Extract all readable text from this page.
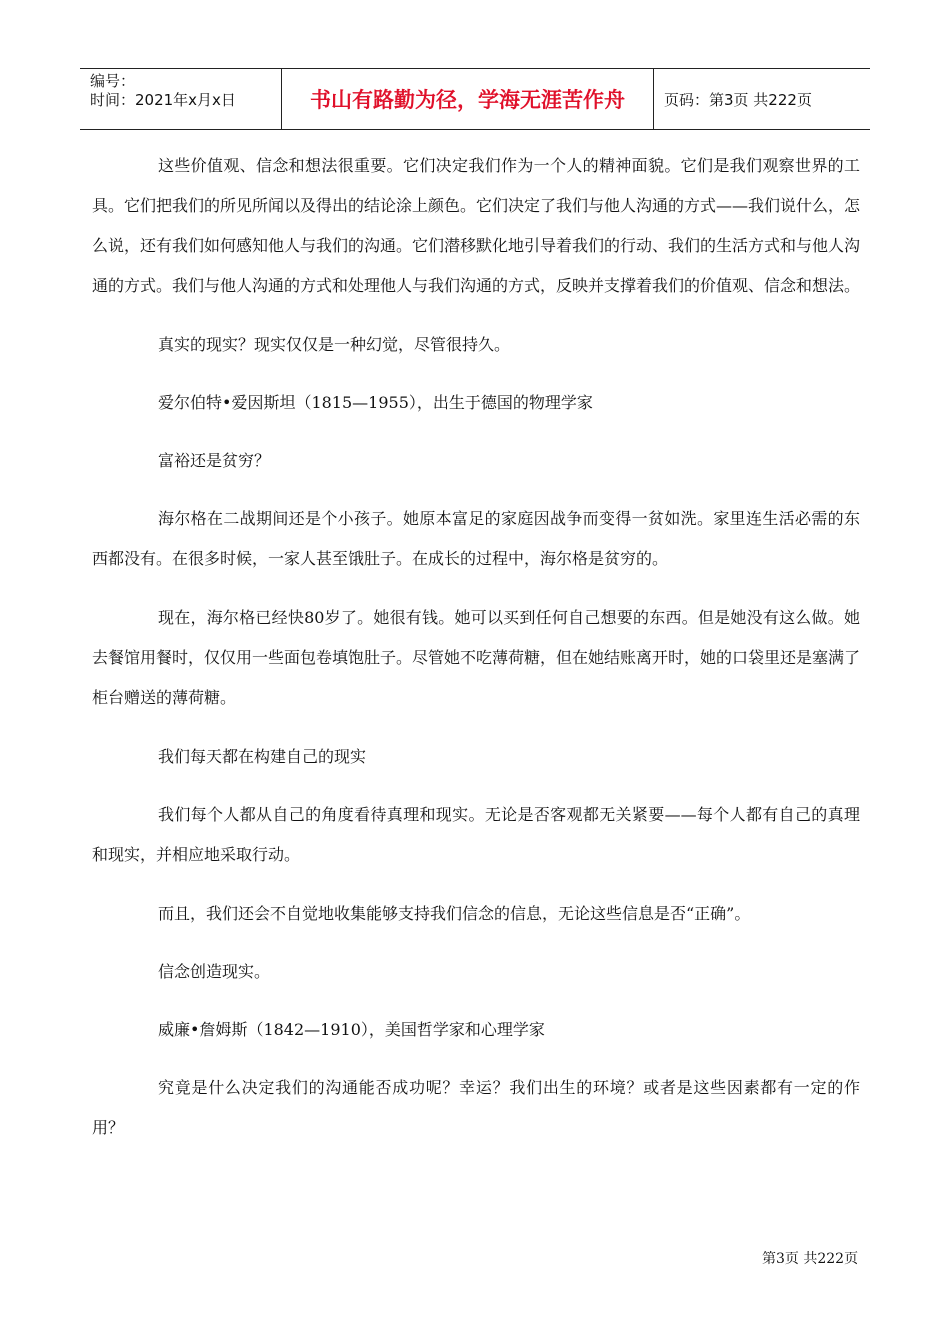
编号：
时间：2021年x月x日	书山有路勤为径，学海无涯苦作舟	页码：第3页 共222页

这些价值观、信念和想法很重要。它们决定我们作为一个人的精神面貌。它们是我们观察世界的工具。它们把我们的所见所闻以及得出的结论涂上颜色。它们决定了我们与他人沟通的方式——我们说什么，怎么说，还有我们如何感知他人与我们的沟通。它们潜移默化地引导着我们的行动、我们的生活方式和与他人沟通的方式。我们与他人沟通的方式和处理他人与我们沟通的方式，反映并支撑着我们的价值观、信念和想法。

真实的现实？现实仅仅是一种幻觉，尽管很持久。

爱尔伯特•爱因斯坦（1815—1955），出生于德国的物理学家

富裕还是贫穷？

海尔格在二战期间还是个小孩子。她原本富足的家庭因战争而变得一贫如洗。家里连生活必需的东西都没有。在很多时候，一家人甚至饿肚子。在成长的过程中，海尔格是贫穷的。

现在，海尔格已经快80岁了。她很有钱。她可以买到任何自己想要的东西。但是她没有这么做。她去餐馆用餐时，仅仅用一些面包卷填饱肚子。尽管她不吃薄荷糖，但在她结账离开时，她的口袋里还是塞满了柜台赠送的薄荷糖。

我们每天都在构建自己的现实

我们每个人都从自己的角度看待真理和现实。无论是否客观都无关紧要——每个人都有自己的真理和现实，并相应地采取行动。

而且，我们还会不自觉地收集能够支持我们信念的信息，无论这些信息是否“正确”。

信念创造现实。

威廉•詹姆斯（1842—1910），美国哲学家和心理学家

究竟是什么决定我们的沟通能否成功呢？幸运？我们出生的环境？或者是这些因素都有一定的作用？

第3页 共222页
